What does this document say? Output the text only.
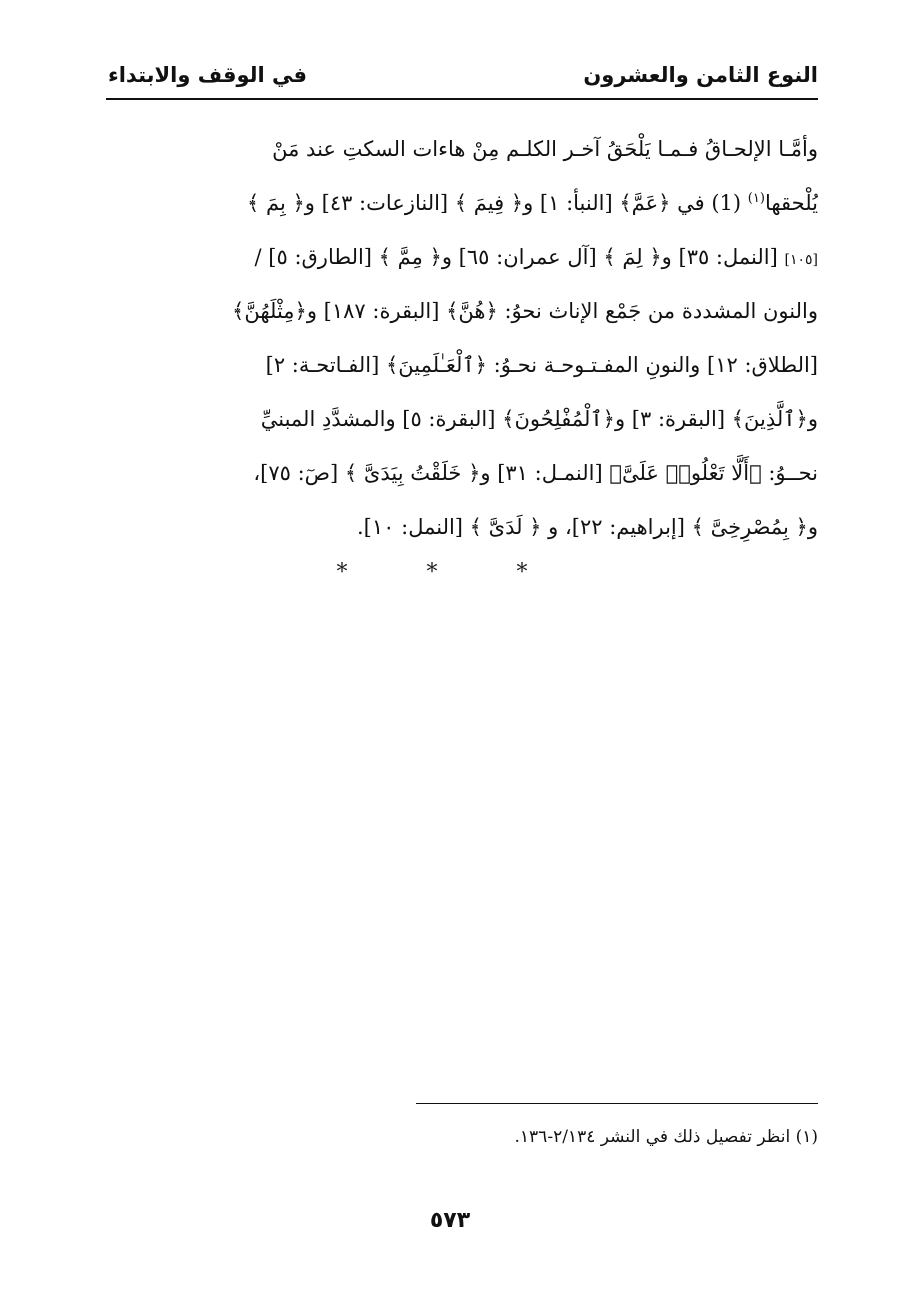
النوع الثامن والعشرون
في الوقف والابتداء
وأمَّـا الإلحـاقُ فـمـا يَلْحَقُ آخـر الكلـم مِنْ هاءات السكتِ عند مَنْ
يُلْحقها$^{(١)}$ (1) في ﴿عَمَّ﴾ [النبأ: ١] و﴿ فِيمَ ﴾ [النازعات: ٤٣] و﴿ بِمَ ﴾
[١٠٥] [النمل: ٣٥] و﴿ لِمَ ﴾ [آل عمران: ٦٥] و﴿ مِمَّ ﴾ [الطارق: ٥] /
والنون المشددة من جَمْع الإناث نحوُ: ﴿هُنَّ﴾ [البقرة: ١٨٧] و﴿مِثْلَهُنَّ﴾
[الطلاق: ١٢] والنونِ المفـتـوحـة نحـوُ: ﴿ٱلْعَـٰلَمِينَ﴾ [الفـاتحـة: ٢]
و﴿ٱلَّذِينَ﴾ [البقرة: ٣] و﴿ٱلْمُفْلِحُونَ﴾ [البقرة: ٥] والمشدَّدِ المبنيِّ
نحــوُ: ﴿أَلَّا تَعْلُوا۟ عَلَىَّ﴾ [النمـل: ٣١] و﴿ خَلَقْتُ بِيَدَىَّ ﴾ [صٓ: ٧٥]،
و﴿ بِمُصْرِخِىَّ ﴾ [إبراهيم: ٢٢]، و ﴿ لَدَىَّ ﴾ [النمل: ١٠].
* * *
(١) انظر تفصيل ذلك في النشر ٢/١٣٤-١٣٦.
٥٧٣
